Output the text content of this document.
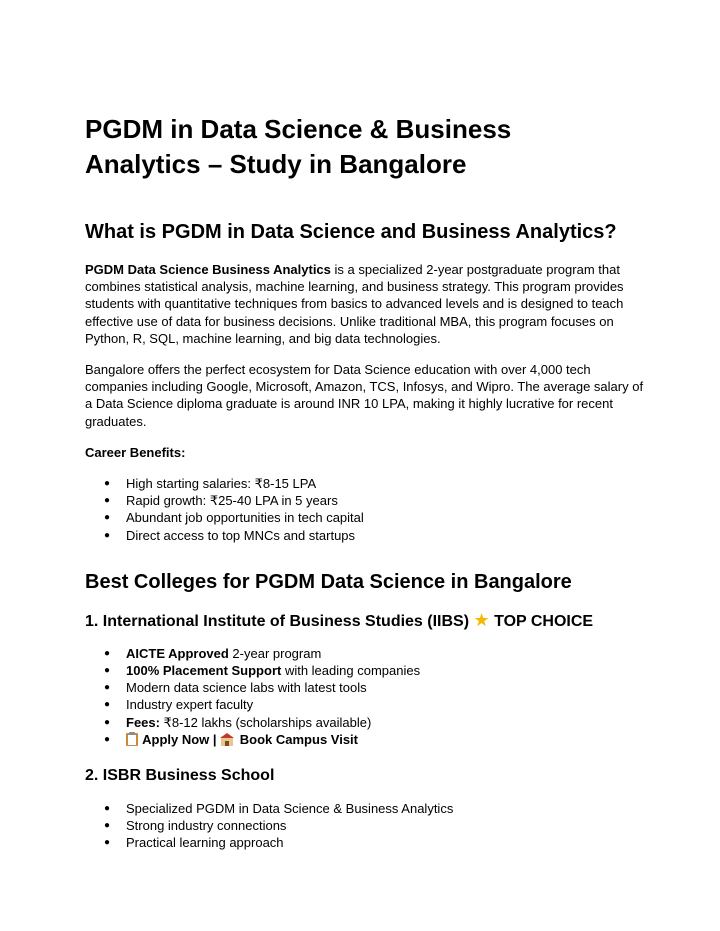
PGDM in Data Science & Business
Analytics – Study in Bangalore
What is PGDM in Data Science and Business Analytics?

PGDM Data Science Business Analytics is a specialized 2-year postgraduate program that combines statistical analysis, machine learning, and business strategy. This program provides students with quantitative techniques from basics to advanced levels and is designed to teach effective use of data for business decisions. Unlike traditional MBA, this program focuses on Python, R, SQL, machine learning, and big data technologies.

Bangalore offers the perfect ecosystem for Data Science education with over 4,000 tech companies including Google, Microsoft, Amazon, TCS, Infosys, and Wipro. The average salary of a Data Science diploma graduate is around INR 10 LPA, making it highly lucrative for recent graduates.

Career Benefits:

● High starting salaries: ₹8-15 LPA
● Rapid growth: ₹25-40 LPA in 5 years
● Abundant job opportunities in tech capital
● Direct access to top MNCs and startups
Best Colleges for PGDM Data Science in Bangalore
1. International Institute of Business Studies (IIBS) ★ TOP CHOICE
● AICTE Approved 2-year program
● 100% Placement Support with leading companies
● Modern data science labs with latest tools
● Industry expert faculty
● Fees: ₹8-12 lakhs (scholarships available)
● Apply Now |
Book Campus Visit
2. ISBR Business School
● Specialized PGDM in Data Science & Business Analytics
● Strong industry connections
● Practical learning approach
